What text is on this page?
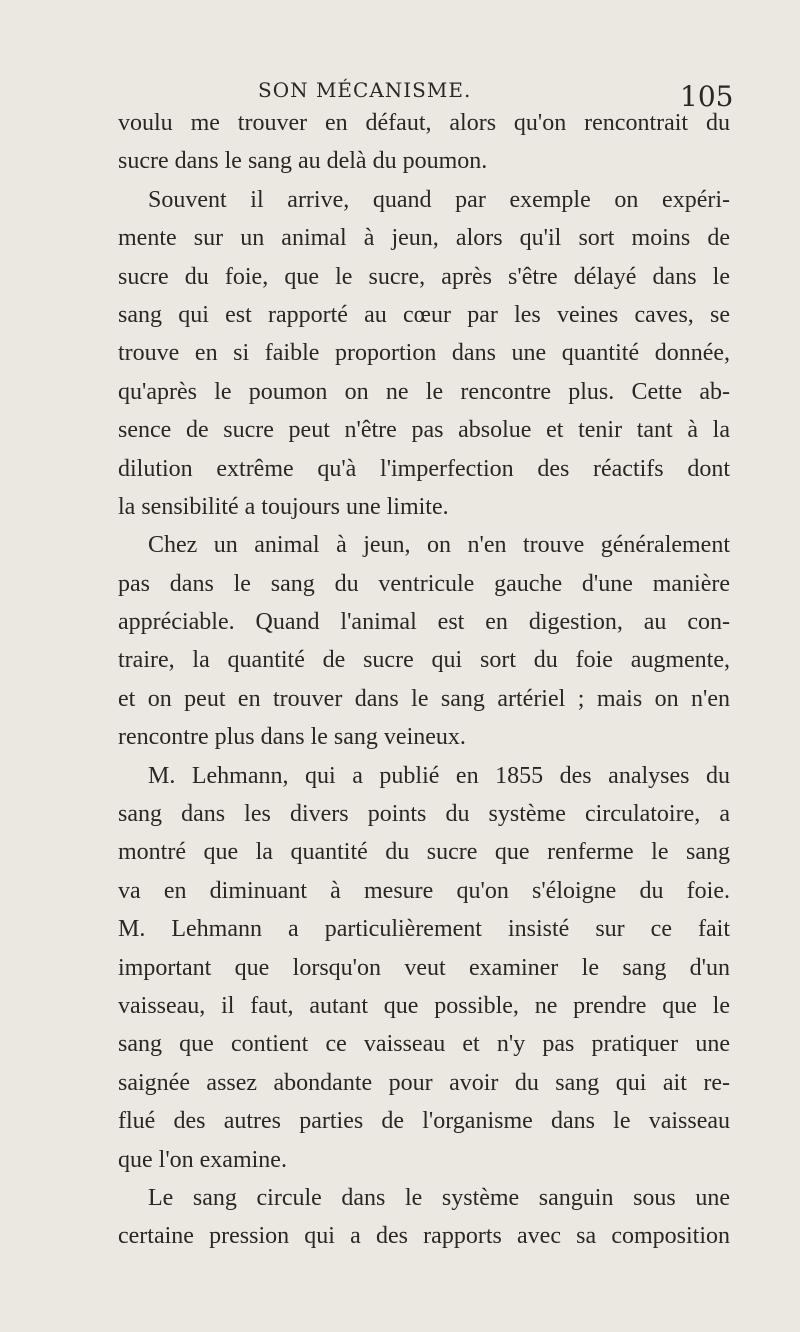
SON MÉCANISME.	105
voulu me trouver en défaut, alors qu'on rencontrait du
sucre dans le sang au delà du poumon.
Souvent il arrive, quand par exemple on expéri-
mente sur un animal à jeun, alors qu'il sort moins de
sucre du foie, que le sucre, après s'être délayé dans le
sang qui est rapporté au cœur par les veines caves, se
trouve en si faible proportion dans une quantité donnée,
qu'après le poumon on ne le rencontre plus. Cette ab-
sence de sucre peut n'être pas absolue et tenir tant à la
dilution extrême qu'à l'imperfection des réactifs dont
la sensibilité a toujours une limite.
Chez un animal à jeun, on n'en trouve généralement
pas dans le sang du ventricule gauche d'une manière
appréciable. Quand l'animal est en digestion, au con-
traire, la quantité de sucre qui sort du foie augmente,
et on peut en trouver dans le sang artériel ; mais on n'en
rencontre plus dans le sang veineux.
M. Lehmann, qui a publié en 1855 des analyses du
sang dans les divers points du système circulatoire, a
montré que la quantité du sucre que renferme le sang
va en diminuant à mesure qu'on s'éloigne du foie.
M. Lehmann a particulièrement insisté sur ce fait
important que lorsqu'on veut examiner le sang d'un
vaisseau, il faut, autant que possible, ne prendre que le
sang que contient ce vaisseau et n'y pas pratiquer une
saignée assez abondante pour avoir du sang qui ait re-
flué des autres parties de l'organisme dans le vaisseau
que l'on examine.
Le sang circule dans le système sanguin sous une
certaine pression qui a des rapports avec sa composition
